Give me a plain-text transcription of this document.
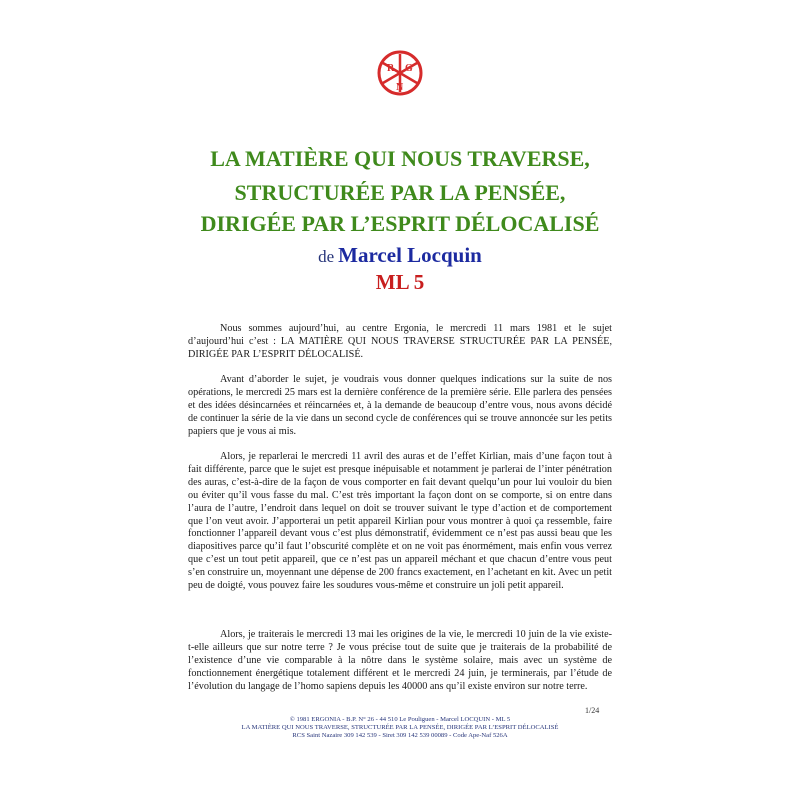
R G
N
LA MATIÈRE QUI NOUS TRAVERSE,
STRUCTURÉE PAR LA PENSÉE,
DIRIGÉE PAR L’ESPRIT DÉLOCALISÉ
de Marcel Locquin
ML 5

Nous sommes aujourd’hui, au centre Ergonia, le mercredi 11 mars 1981 et le sujet d’aujourd’hui c’est : LA MATIÈRE QUI NOUS TRAVERSE STRUCTURÉE PAR LA PENSÉE, DIRIGÉE PAR L’ESPRIT DÉLOCALISÉ.

Avant d’aborder le sujet, je voudrais vous donner quelques indications sur la suite de nos opérations, le mercredi 25 mars est la dernière conférence de la première série. Elle parlera des pensées et des idées désincarnées et réincarnées et, à la demande de beaucoup d’entre vous, nous avons décidé de continuer la série de la vie dans un second cycle de conférences qui se trouve annoncée sur les petits papiers que je vous ai mis.

Alors, je reparlerai le mercredi 11 avril des auras et de l’effet Kirlian, mais d’une façon tout à fait différente, parce que le sujet est presque inépuisable et notamment je parlerai de l’inter pénétration des auras, c’est-à-dire de la façon de vous comporter en fait devant quelqu’un pour lui vouloir du bien ou éviter qu’il vous fasse du mal. C’est très important la façon dont on se comporte, si on entre dans l’aura de l’autre, l’endroit dans lequel on doit se trouver suivant le type d’action et de comportement que l’on veut avoir. J’apporterai un petit appareil Kirlian pour vous montrer à quoi ça ressemble, faire fonctionner l’appareil devant vous c’est plus démonstratif, évidemment ce n’est pas aussi beau que les diapositives parce qu’il faut l’obscurité complète et on ne voit pas énormément, mais enfin vous verrez que c’est un tout petit appareil, que ce n’est pas un appareil méchant et que chacun d’entre vous peut s’en construire un, moyennant une dépense de 200 francs exactement, en l’achetant en kit. Avec un petit peu de doigté, vous pouvez faire les soudures vous-même et construire un joli petit appareil.

Alors, je traiterais le mercredi 13 mai les origines de la vie, le mercredi 10 juin de la vie existe-t-elle ailleurs que sur notre terre ? Je vous précise tout de suite que je traiterais de la probabilité de l’existence d’une vie comparable à la nôtre dans le système solaire, mais avec un système de fonctionnement énergétique totalement différent et le mercredi 24 juin, je terminerais, par l’étude de l’évolution du langage de l’homo sapiens depuis les 40000 ans qu’il existe environ sur notre terre.

1/24
© 1981 ERGONIA - B.P. N° 26 - 44 510 Le Pouliguen - Marcel LOCQUIN - ML 5
LA MATIÈRE QUI NOUS TRAVERSE, STRUCTURÉE PAR LA PENSÉE, DIRIGÉE PAR L’ESPRIT DÉLOCALISÉ
RCS Saint Nazaire 309 142 539 - Siret 309 142 539 00089 - Code Ape-Naf 526A
